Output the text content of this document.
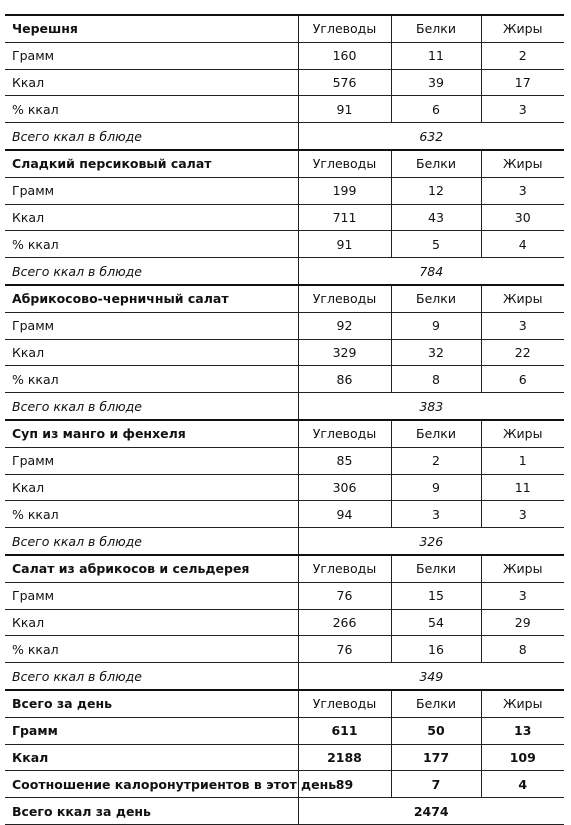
Черешня	Углеводы	Белки	Жиры
Грамм	160	11	2
Ккал	576	39	17
% ккал	91	6	3
Всего ккал в блюде	632		
Сладкий персиковый салат	Углеводы	Белки	Жиры
Грамм	199	12	3
Ккал	711	43	30
% ккал	91	5	4
Всего ккал в блюде	784		
Абрикосово-черничный салат	Углеводы	Белки	Жиры
Грамм	92	9	3
Ккал	329	32	22
% ккал	86	8	6
Всего ккал в блюде	383		
Суп из манго и фенхеля	Углеводы	Белки	Жиры
Грамм	85	2	1
Ккал	306	9	11
% ккал	94	3	3
Всего ккал в блюде	326		
Салат из абрикосов и сельдерея	Углеводы	Белки	Жиры
Грамм	76	15	3
Ккал	266	54	29
% ккал	76	16	8
Всего ккал в блюде	349		
Всего за день	Углеводы	Белки	Жиры
Грамм	611	50	13
Ккал	2188	177	109
Соотношение калоронутриентов в этот день	89	7	4
Всего ккал за день	2474		
